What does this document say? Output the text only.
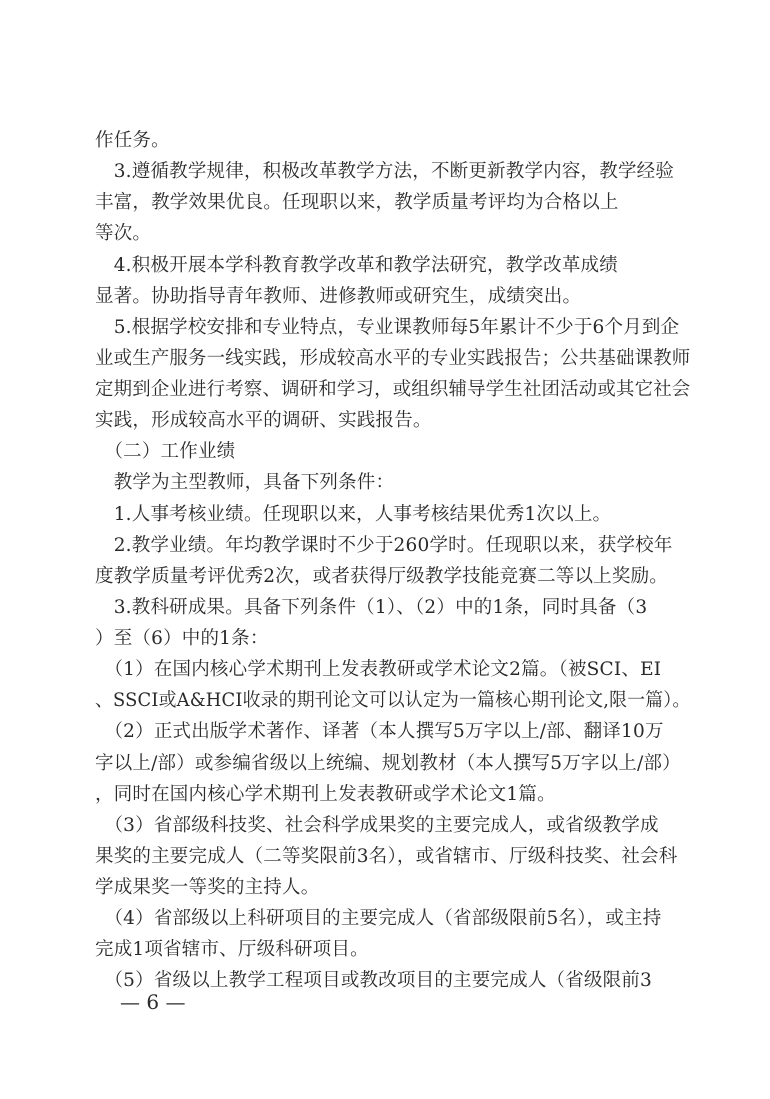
作任务。
　3.遵循教学规律，积极改革教学方法，不断更新教学内容，教学经验
丰富，教学效果优良。任现职以来，教学质量考评均为合格以上
等次。
　4.积极开展本学科教育教学改革和教学法研究，教学改革成绩
显著。协助指导青年教师、进修教师或研究生，成绩突出。
　5.根据学校安排和专业特点，专业课教师每5年累计不少于6个月到企
业或生产服务一线实践，形成较高水平的专业实践报告；公共基础课教师
定期到企业进行考察、调研和学习，或组织辅导学生社团活动或其它社会
实践，形成较高水平的调研、实践报告。
　（二）工作业绩
　教学为主型教师，具备下列条件：
　1.人事考核业绩。任现职以来，人事考核结果优秀1次以上。
　2.教学业绩。年均教学课时不少于260学时。任现职以来，获学校年
度教学质量考评优秀2次，或者获得厅级教学技能竞赛二等以上奖励。
　3.教科研成果。具备下列条件（1）、（2）中的1条，同时具备（3
）至（6）中的1条：
　（1）在国内核心学术期刊上发表教研或学术论文2篇。（被SCI、EI
、SSCI或A&HCI收录的期刊论文可以认定为一篇核心期刊论文,限一篇）。
　（2）正式出版学术著作、译著（本人撰写5万字以上/部、翻译10万
字以上/部）或参编省级以上统编、规划教材（本人撰写5万字以上/部）
，同时在国内核心学术期刊上发表教研或学术论文1篇。
　（3）省部级科技奖、社会科学成果奖的主要完成人，或省级教学成
果奖的主要完成人（二等奖限前3名），或省辖市、厅级科技奖、社会科
学成果奖一等奖的主持人。
　（4）省部级以上科研项目的主要完成人（省部级限前5名），或主持
完成1项省辖市、厅级科研项目。
　（5）省级以上教学工程项目或教改项目的主要完成人（省级限前3
— 6 —
